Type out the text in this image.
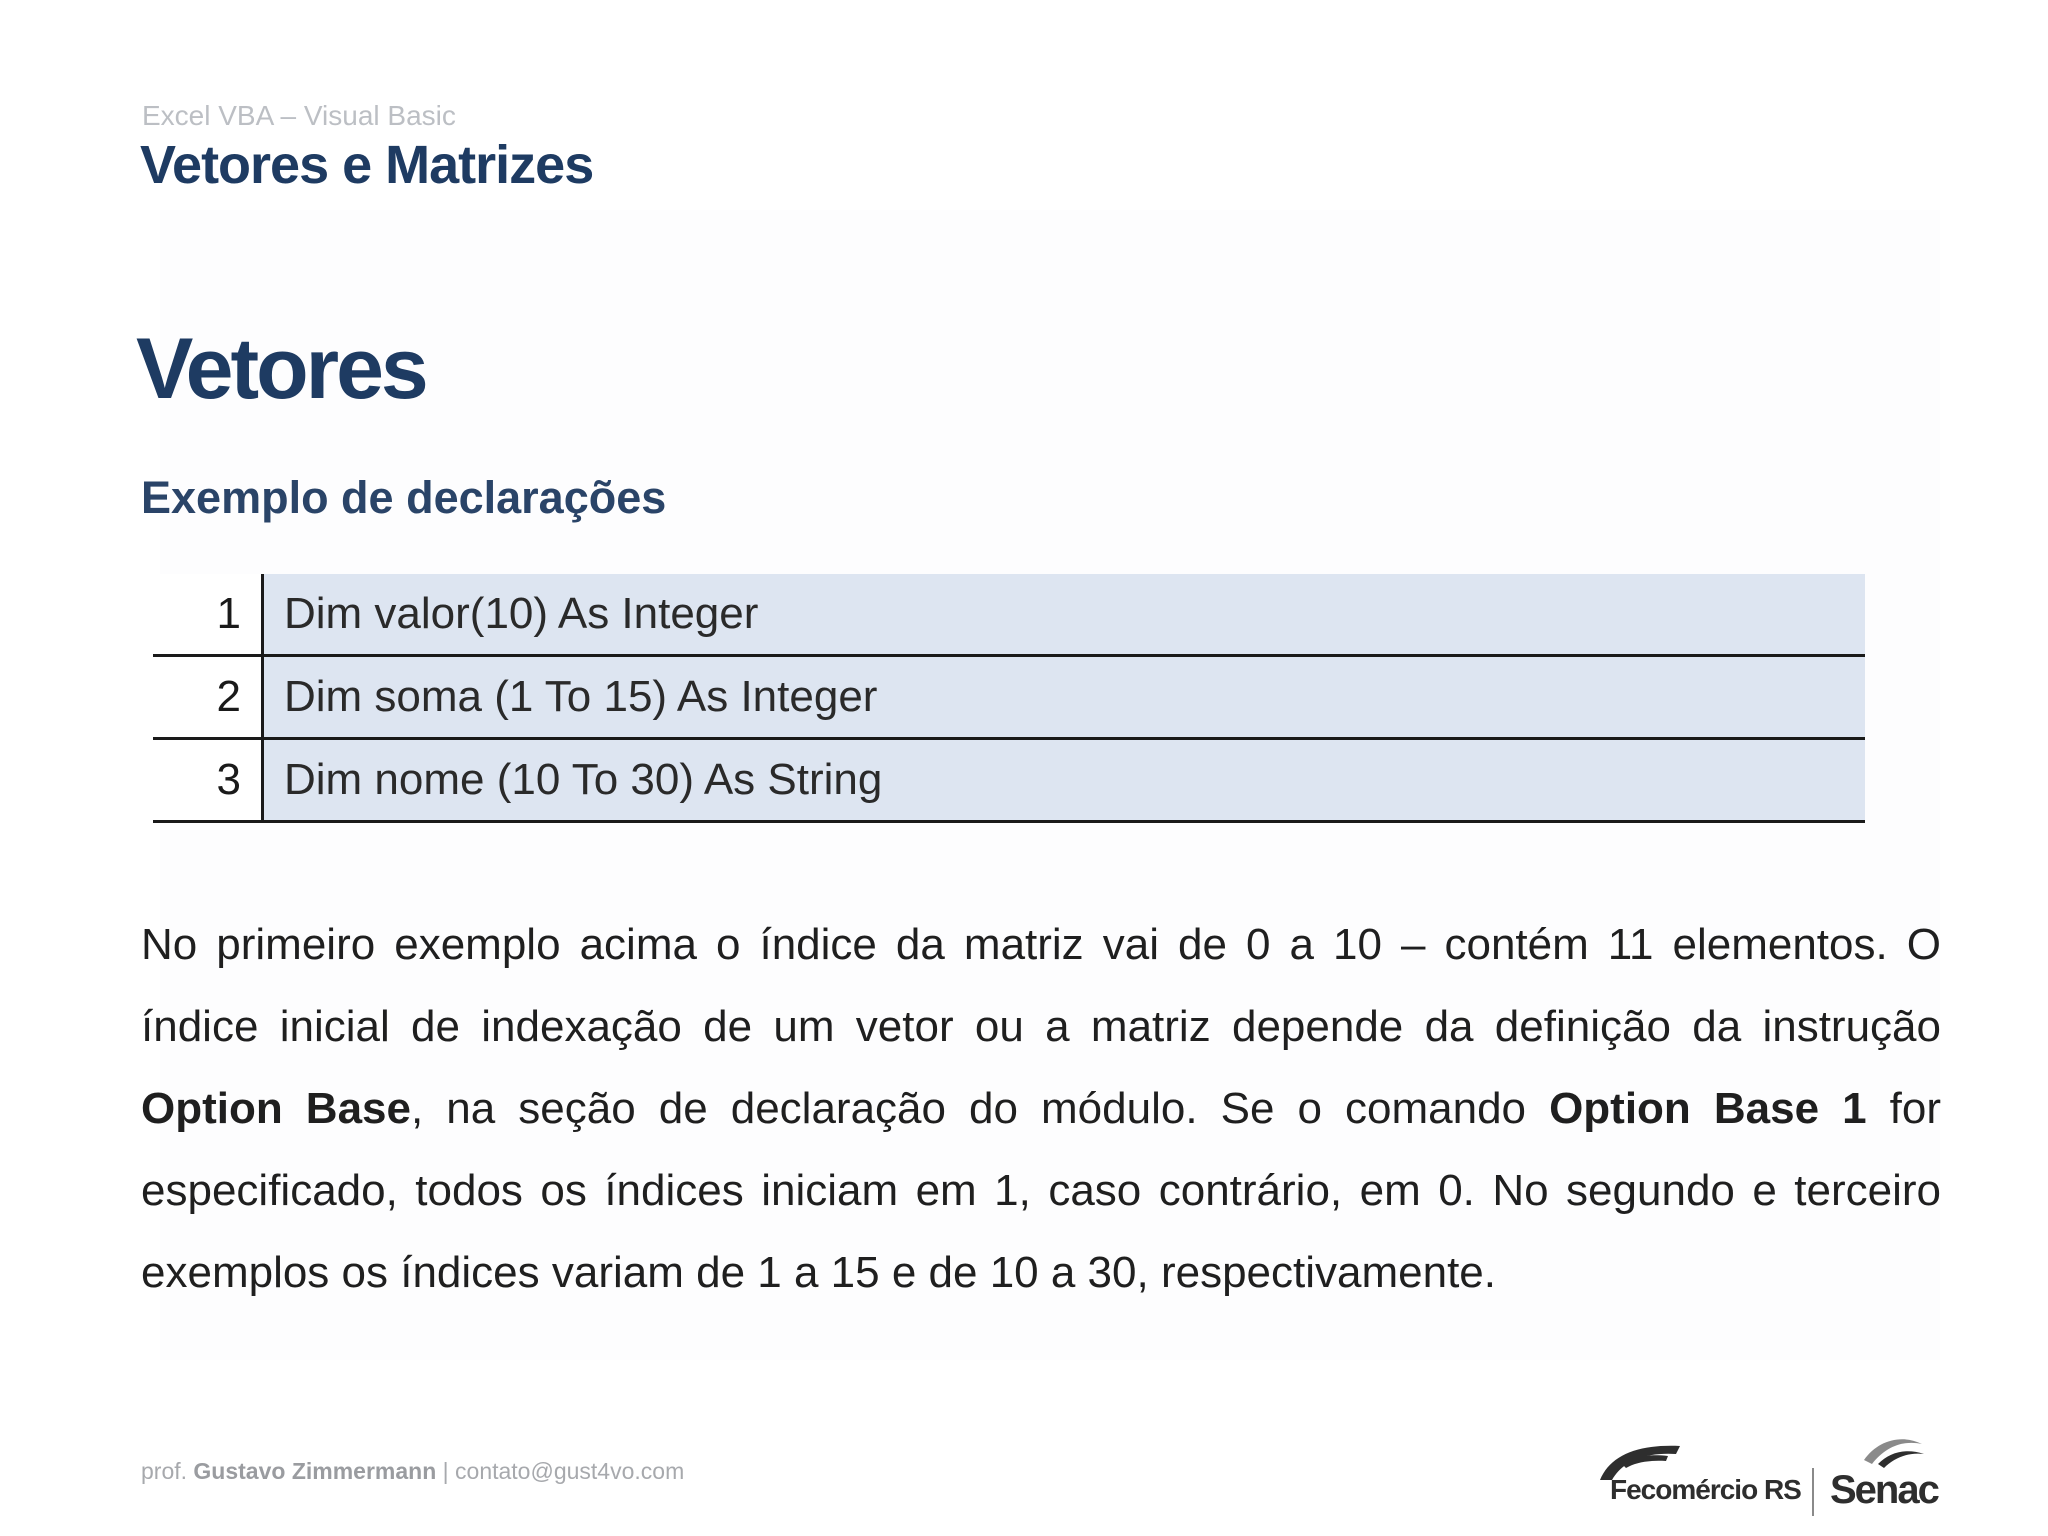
Excel VBA – Visual Basic
Vetores e Matrizes
Vetores
Exemplo de declarações
1 Dim valor(10) As Integer
2 Dim soma (1 To 15) As Integer
3 Dim nome (10 To 30) As String
No primeiro exemplo acima o índice da matriz vai de 0 a 10 – contém 11 elementos. O índice inicial de indexação de um vetor ou a matriz depende da definição da instrução Option Base, na seção de declaração do módulo. Se o comando Option Base 1 for especificado, todos os índices iniciam em 1, caso contrário, em 0. No segundo e terceiro exemplos os índices variam de 1 a 15 e de 10 a 30, respectivamente.
prof. Gustavo Zimmermann | contato@gust4vo.com
Fecomércio RS Senac
